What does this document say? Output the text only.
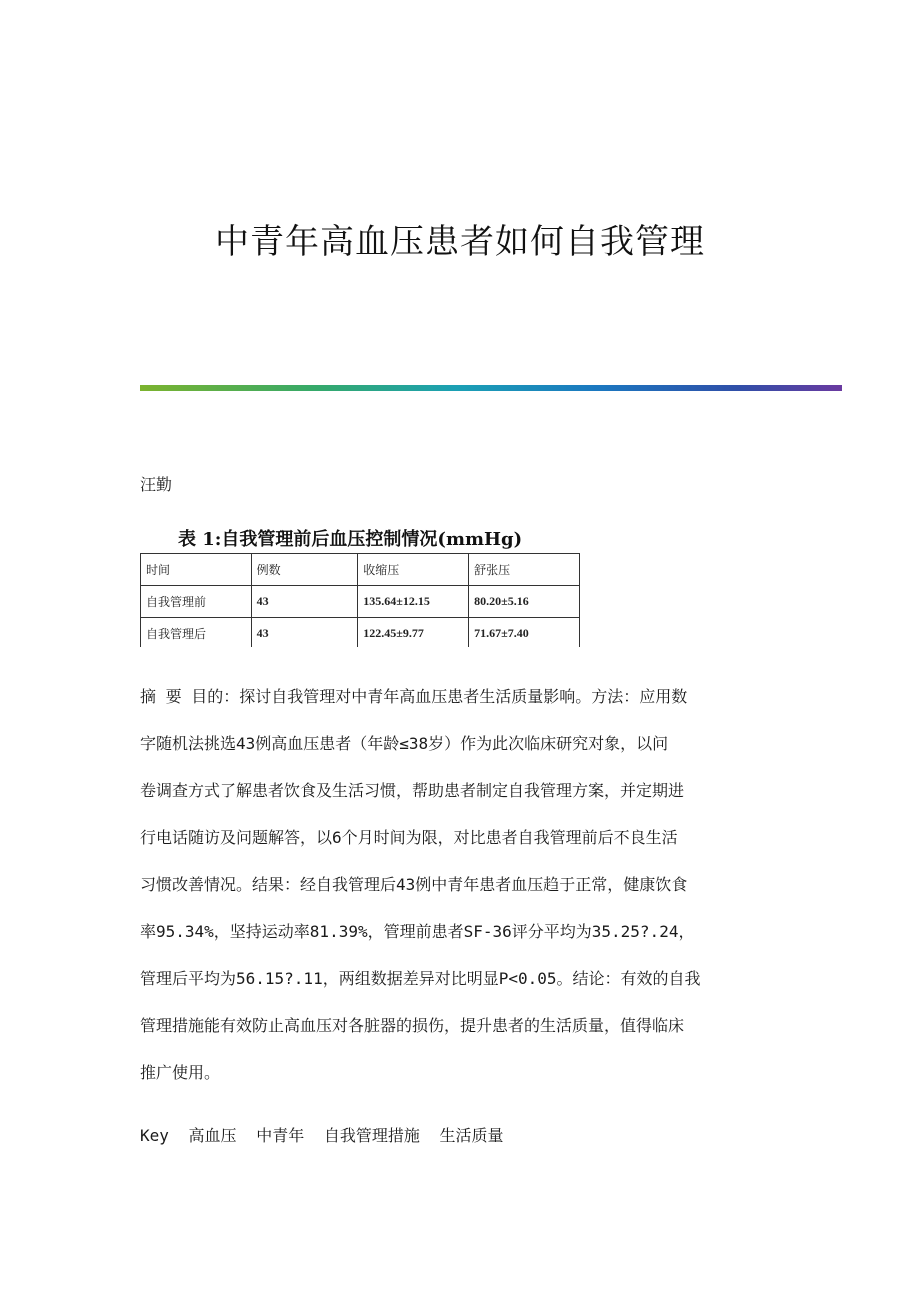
中青年高血压患者如何自我管理
汪勤
表 1:自我管理前后血压控制情况(mmHg)
时间	例数	收缩压	舒张压
自我管理前	43	135.64±12.15	80.20±5.16
自我管理后	43	122.45±9.77	71.67±7.40

摘 要 目的：探讨自我管理对中青年高血压患者生活质量影响。方法：应用数
字随机法挑选43例高血压患者（年龄≤38岁）作为此次临床研究对象，以问
卷调查方式了解患者饮食及生活习惯，帮助患者制定自我管理方案，并定期进
行电话随访及问题解答，以6个月时间为限，对比患者自我管理前后不良生活
习惯改善情况。结果：经自我管理后43例中青年患者血压趋于正常，健康饮食
率95.34%，坚持运动率81.39%，管理前患者SF-36评分平均为35.25?.24，
管理后平均为56.15?.11，两组数据差异对比明显P<0.05。结论：有效的自我
管理措施能有效防止高血压对各脏器的损伤，提升患者的生活质量，值得临床
推广使用。

Key 高血压 中青年 自我管理措施 生活质量
